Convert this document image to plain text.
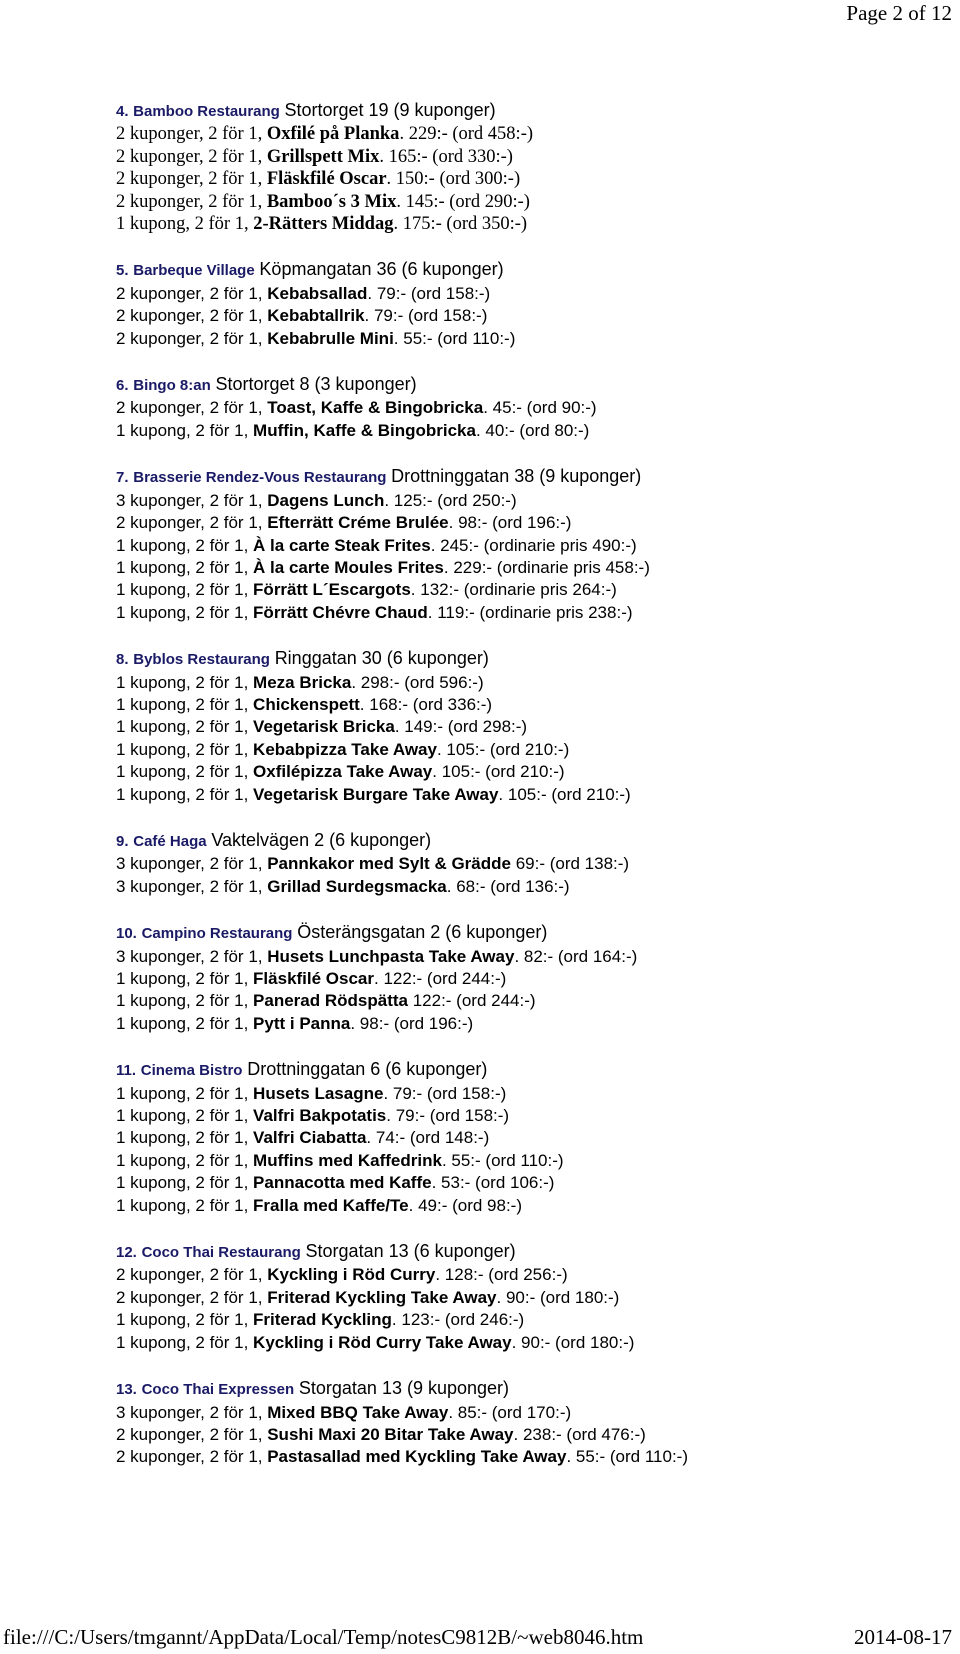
Page 2 of 12
4. Bamboo Restaurang Stortorget 19 (9 kuponger)
2 kuponger, 2 för 1, Oxfilé på Planka. 229:- (ord 458:-)
2 kuponger, 2 för 1, Grillspett Mix. 165:- (ord 330:-)
2 kuponger, 2 för 1, Fläskfilé Oscar. 150:- (ord 300:-)
2 kuponger, 2 för 1, Bamboo´s 3 Mix. 145:- (ord 290:-)
1 kupong, 2 för 1, 2-Rätters Middag. 175:- (ord 350:-)
5. Barbeque Village Köpmangatan 36 (6 kuponger)
2 kuponger, 2 för 1, Kebabsallad. 79:- (ord 158:-)
2 kuponger, 2 för 1, Kebabtallrik. 79:- (ord 158:-)
2 kuponger, 2 för 1, Kebabrulle Mini. 55:- (ord 110:-)
6. Bingo 8:an Stortorget 8 (3 kuponger)
2 kuponger, 2 för 1, Toast, Kaffe & Bingobricka. 45:- (ord 90:-)
1 kupong, 2 för 1, Muffin, Kaffe & Bingobricka. 40:- (ord 80:-)
7. Brasserie Rendez-Vous Restaurang Drottninggatan 38 (9 kuponger)
3 kuponger, 2 för 1, Dagens Lunch. 125:- (ord 250:-)
2 kuponger, 2 för 1, Efterrätt Créme Brulée. 98:- (ord 196:-)
1 kupong, 2 för 1, À la carte Steak Frites. 245:- (ordinarie pris 490:-)
1 kupong, 2 för 1, À la carte Moules Frites. 229:- (ordinarie pris 458:-)
1 kupong, 2 för 1, Förrätt L´Escargots. 132:- (ordinarie pris 264:-)
1 kupong, 2 för 1, Förrätt Chévre Chaud. 119:- (ordinarie pris 238:-)
8. Byblos Restaurang Ringgatan 30 (6 kuponger)
1 kupong, 2 för 1, Meza Bricka. 298:- (ord 596:-)
1 kupong, 2 för 1, Chickenspett. 168:- (ord 336:-)
1 kupong, 2 för 1, Vegetarisk Bricka. 149:- (ord 298:-)
1 kupong, 2 för 1, Kebabpizza Take Away. 105:- (ord 210:-)
1 kupong, 2 för 1, Oxfilépizza Take Away. 105:- (ord 210:-)
1 kupong, 2 för 1, Vegetarisk Burgare Take Away. 105:- (ord 210:-)
9. Café Haga Vaktelvägen 2 (6 kuponger)
3 kuponger, 2 för 1, Pannkakor med Sylt & Grädde 69:- (ord 138:-)
3 kuponger, 2 för 1, Grillad Surdegsmacka. 68:- (ord 136:-)
10. Campino Restaurang Österängsgatan 2 (6 kuponger)
3 kuponger, 2 för 1, Husets Lunchpasta Take Away. 82:- (ord 164:-)
1 kupong, 2 för 1, Fläskfilé Oscar. 122:- (ord 244:-)
1 kupong, 2 för 1, Panerad Rödspätta 122:- (ord 244:-)
1 kupong, 2 för 1, Pytt i Panna. 98:- (ord 196:-)
11. Cinema Bistro Drottninggatan 6 (6 kuponger)
1 kupong, 2 för 1, Husets Lasagne. 79:- (ord 158:-)
1 kupong, 2 för 1, Valfri Bakpotatis. 79:- (ord 158:-)
1 kupong, 2 för 1, Valfri Ciabatta. 74:- (ord 148:-)
1 kupong, 2 för 1, Muffins med Kaffedrink. 55:- (ord 110:-)
1 kupong, 2 för 1, Pannacotta med Kaffe. 53:- (ord 106:-)
1 kupong, 2 för 1, Fralla med Kaffe/Te. 49:- (ord 98:-)
12. Coco Thai Restaurang Storgatan 13 (6 kuponger)
2 kuponger, 2 för 1, Kyckling i Röd Curry. 128:- (ord 256:-)
2 kuponger, 2 för 1, Friterad Kyckling Take Away. 90:- (ord 180:-)
1 kupong, 2 för 1, Friterad Kyckling. 123:- (ord 246:-)
1 kupong, 2 för 1, Kyckling i Röd Curry Take Away. 90:- (ord 180:-)
13. Coco Thai Expressen Storgatan 13 (9 kuponger)
3 kuponger, 2 för 1, Mixed BBQ Take Away. 85:- (ord 170:-)
2 kuponger, 2 för 1, Sushi Maxi 20 Bitar Take Away. 238:- (ord 476:-)
2 kuponger, 2 för 1, Pastasallad med Kyckling Take Away. 55:- (ord 110:-)
file:///C:/Users/tmgannt/AppData/Local/Temp/notesC9812B/~web8046.htm	2014-08-17
